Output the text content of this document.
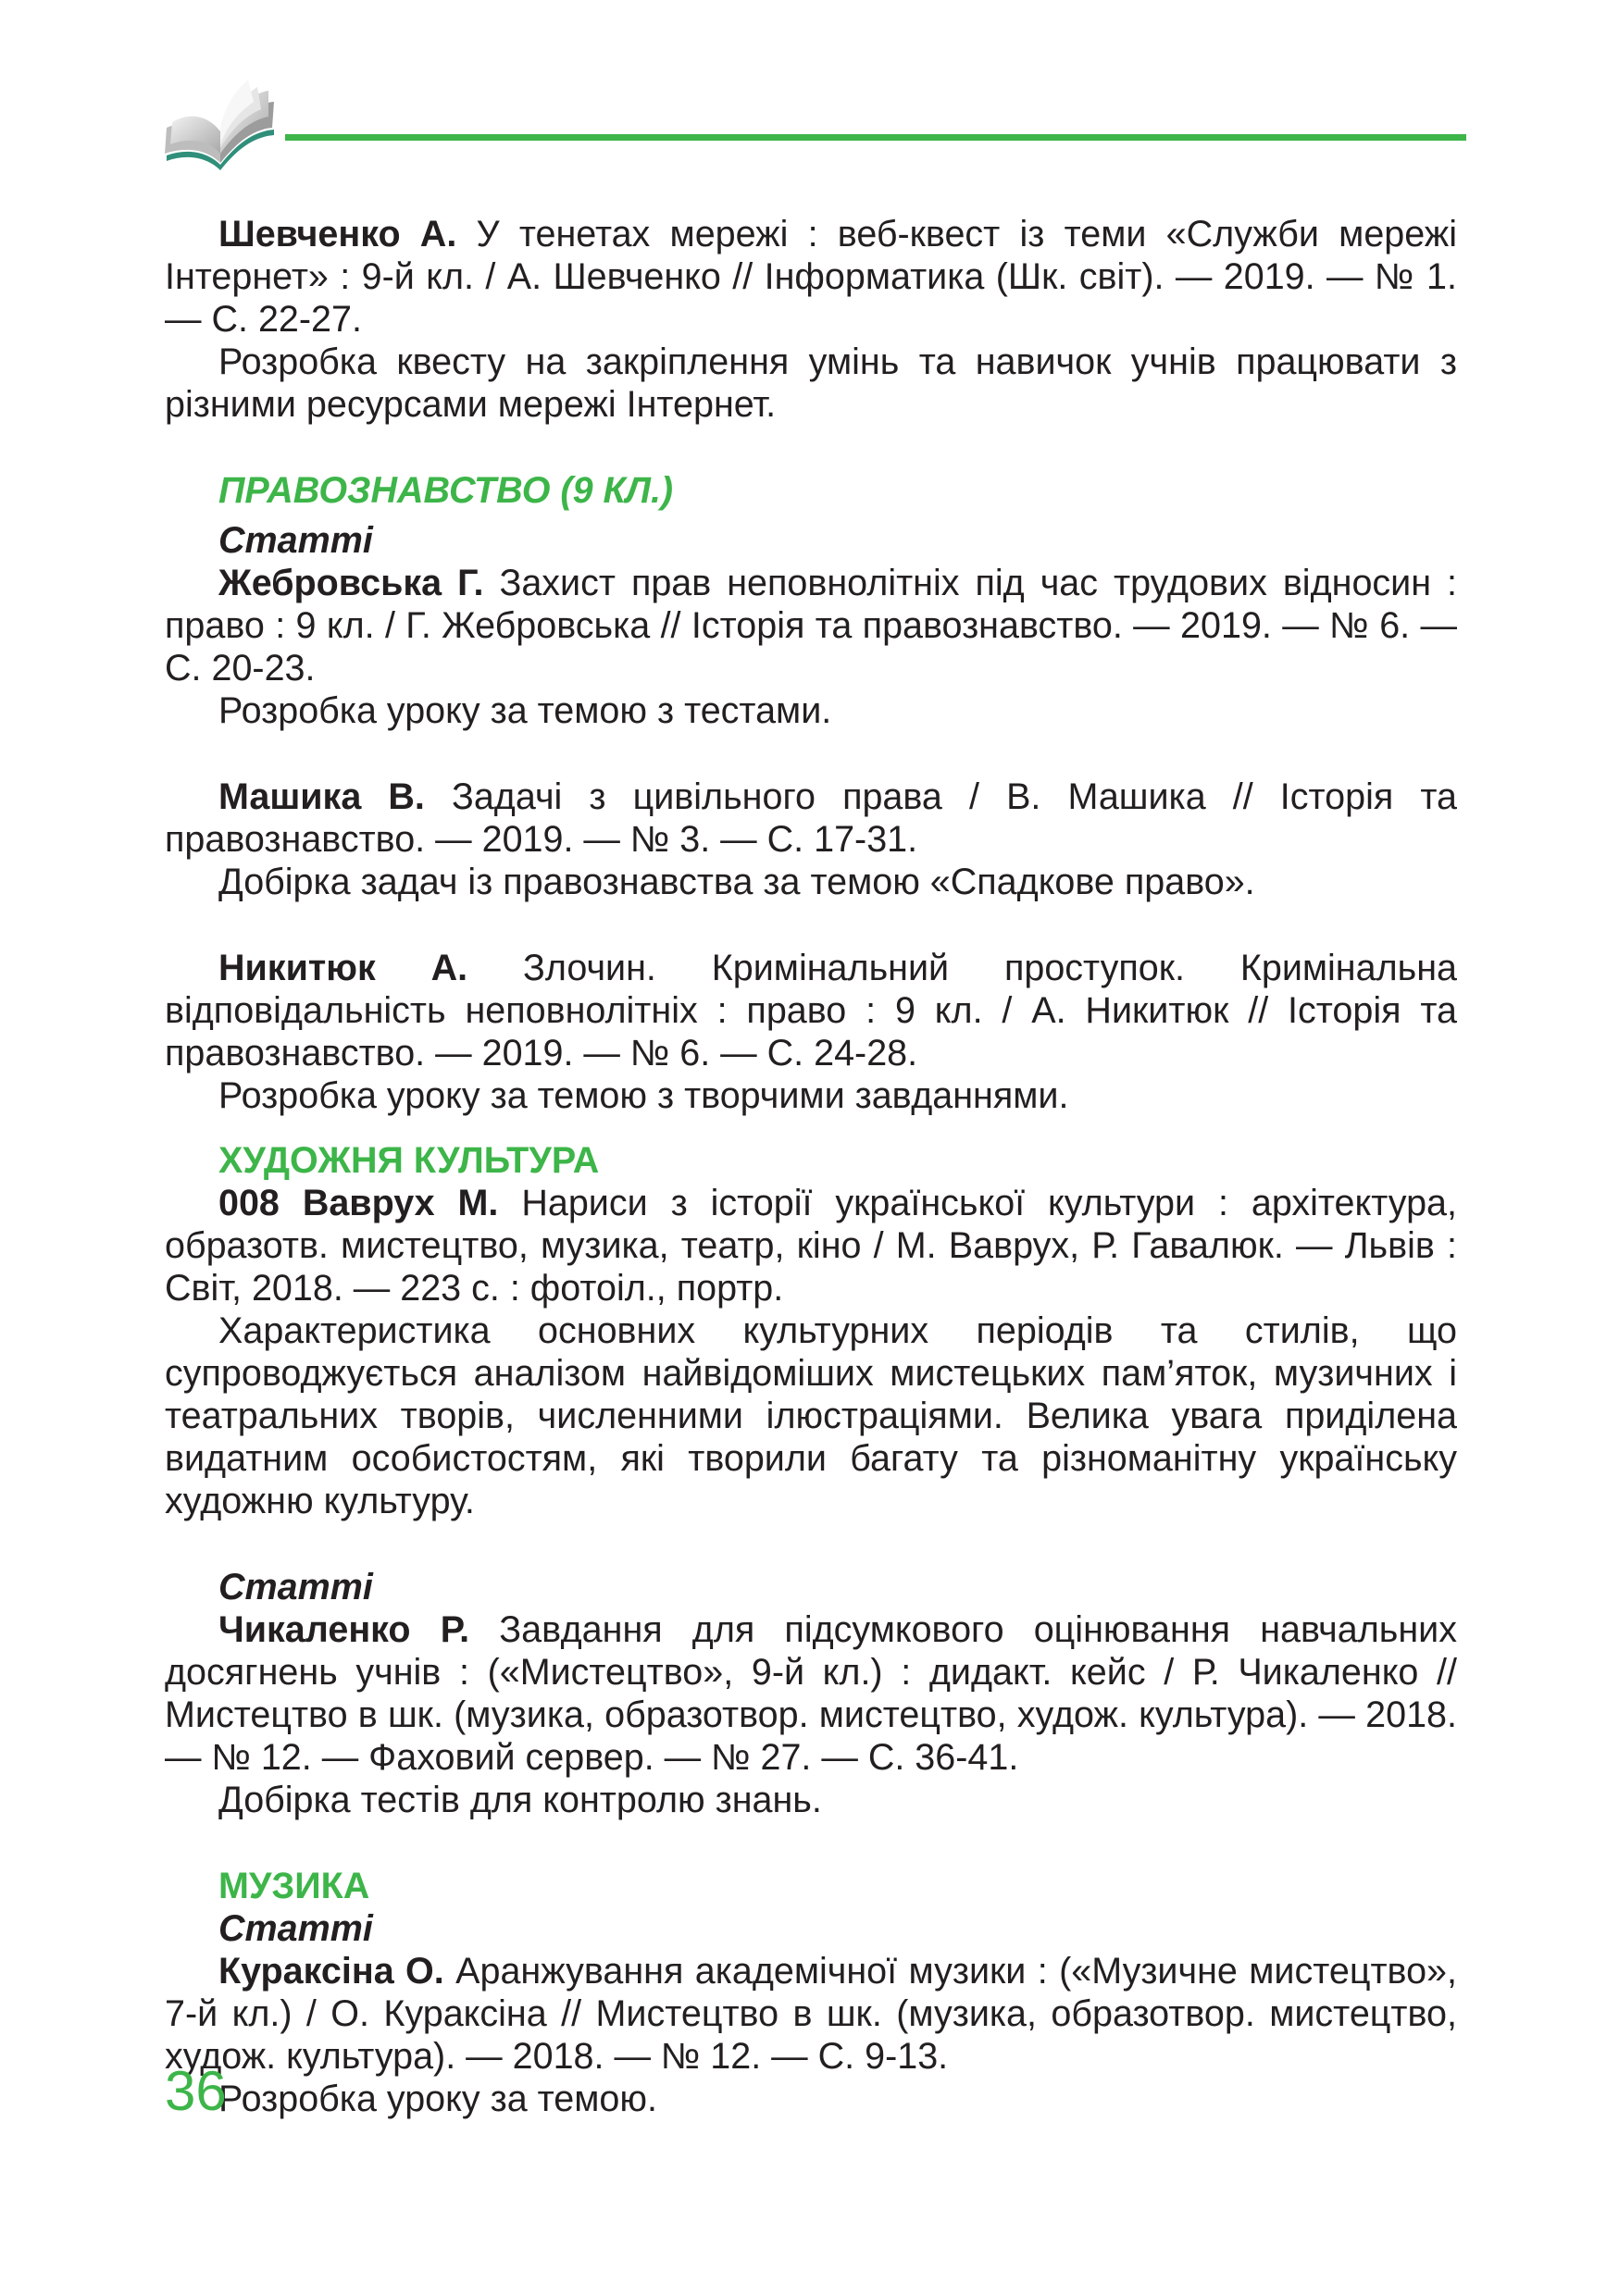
Шевченко А. У тенетах мережі : веб-квест із теми «Служби мережі Інтернет» : 9-й кл. / А. Шевченко // Інформатика (Шк. світ). — 2019. — № 1. — С. 22-27.

Розробка квесту на закріплення умінь та навичок учнів працювати з різними ресурсами мережі Інтернет.

ПРАВОЗНАВСТВО (9 КЛ.)

Статті

Жебровська Г. Захист прав неповнолітніх під час трудових відносин : право : 9 кл. / Г. Жебровська // Історія та правознавство. — 2019. — № 6. — С. 20-23.

Розробка уроку за темою з тестами.

Машика В. Задачі з цивільного права / В. Машика // Історія та правознавство. — 2019. — № 3. — С. 17-31.

Добірка задач із правознавства за темою «Спадкове право».

Никитюк А. Злочин. Кримінальний проступок. Кримінальна відповідальність неповнолітніх : право : 9 кл. / А. Никитюк // Історія та правознавство. — 2019. — № 6. — С. 24-28.

Розробка уроку за темою з творчими завданнями.

ХУДОЖНЯ КУЛЬТУРА

008 Ваврух М. Нариси з історії української культури : архітектура, образотв. мистецтво, музика, театр, кіно / М. Ваврух, Р. Гавалюк. — Львів : Світ, 2018. — 223 с. : фотоіл., портр.

Характеристика основних культурних періодів та стилів, що супроводжується аналізом найвідоміших мистецьких пам’яток, музичних і театральних творів, численними ілюстраціями. Велика увага приділена видатним особистостям, які творили багату та різноманітну українську художню культуру.

Статті

Чикаленко Р. Завдання для підсумкового оцінювання навчальних досягнень учнів : («Мистецтво», 9-й кл.) : дидакт. кейс / Р. Чикаленко // Мистецтво в шк. (музика, образотвор. мистецтво, худож. культура). — 2018. — № 12. — Фаховий сервер. — № 27. — С. 36-41.

Добірка тестів для контролю знань.

МУЗИКА

Статті

Кураксіна О. Аранжування академічної музики : («Музичне мистецтво», 7-й кл.) / О. Кураксіна // Мистецтво в шк. (музика, образотвор. мистецтво, худож. культура). — 2018. — № 12. — С. 9-13.

Розробка уроку за темою.

36
